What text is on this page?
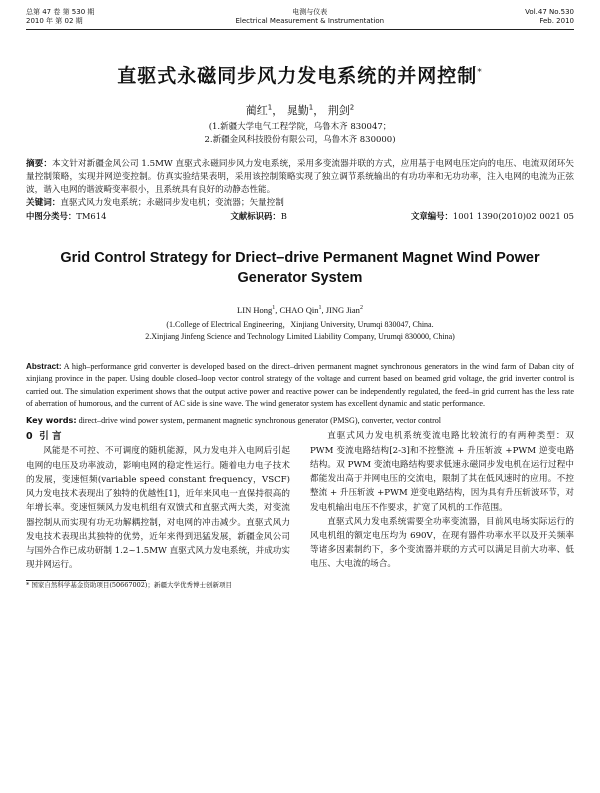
总第 47 卷 第 530 期
2010 年 第 02 期
电测与仪表
Electrical Measurement & Instrumentation
Vol.47 No.530
Feb. 2010
直驱式永磁同步风力发电系统的并网控制*
蔺红$^1$， 晁勤$^1$， 荆剑$^2$
(1.新疆大学电气工程学院，乌鲁木齐 830047；
2.新疆金风科技股份有限公司，乌鲁木齐 830000)
摘要：本文针对新疆金风公司 1.5MW 直驱式永磁同步风力发电系统，采用多变流器并联的方式，应用基于电网电压定向的电压、电流双闭环矢量控制策略，实现并网逆变控制。仿真实验结果表明，采用该控制策略实现了独立调节系统输出的有功功率和无功功率，注入电网的电流为正弦波，谐入电网的谐波畸变率很小，且系统具有良好的动静态性能。
关键词：直驱式风力发电系统；永磁同步发电机；变流器；矢量控制
中图分类号：TM614	文献标识码：B	文章编号：1001 1390(2010)02 0021 05
Grid Control Strategy for Driect–drive Permanent Magnet Wind Power Generator System
LIN Hong$^1$, CHAO Qin$^1$, JING Jian$^2$
(1.College of Electrical Engineering，Xinjiang University, Urumqi 830047, China.
2.Xinjiang Jinfeng Science and Technology Limited Liability Company, Urumqi 830000, China)
Abstract: A high–performance grid converter is developed based on the direct–driven permanent magnet synchronous generators in the wind farm of Daban city of xinjiang province in the paper. Using double closed–loop vector control strategy of the voltage and current based on beamed grid voltage, the grid inverter control is carried out. The simulation experiment shows that the output active power and reactive power can be independently regulated, the feed–in grid current has the less rate of aberration of humorous, and the current of AC side is sine wave. The wind generator system has excellent dynamic and static performance.
Key words: direct–drive wind power system, permanent magnetic synchronous generator (PMSG), converter, vector control
0 引 言

风能是不可控、不可调度的随机能源，风力发电并入电网后引起电网的电压及功率波动，影响电网的稳定性运行。随着电力电子技术的发展，变速恒频(variable speed constant frequency，VSCF) 风力发电技术表现出了独特的优越性[1]，近年来风电一直保持很高的年增长率。变速恒频风力发电机组有双馈式和直驱式两大类，对变流器控制从而实现有功无功解耦控制，对电网的冲击减少。直驱式风力发电技术表现出其独特的优势，近年来得到迅猛发展，新疆金风公司与国外合作已成功研制 1.2~1.5MW 直驱式风力发电系统，并成功实现并网运行。

* 国家自然科学基金资助项目(50667002)；新疆大学优秀博士创新项目

直驱式风力发电机系统变流电路比较流行的有两种类型：双 PWM 变流电路结构[2-3]和不控整流 + 升压斩波 +PWM 逆变电路结构。双 PWM 变流电路结构要求低速永磁同步发电机在运行过程中都能发出高于并网电压的交流电，限制了其在低风速时的应用。不控整流 + 升压斩波 +PWM 逆变电路结构，因为具有升压斩波环节，对发电机输出电压不作要求，扩宽了风机的工作范围。

直驱式风力发电系统需要全功率变流器，目前风电场实际运行的风电机组的额定电压均为 690V，在现有器件功率水平以及开关频率等诸多因素制约下，多个变流器并联的方式可以满足目前大功率、低电压、大电流的场合。
